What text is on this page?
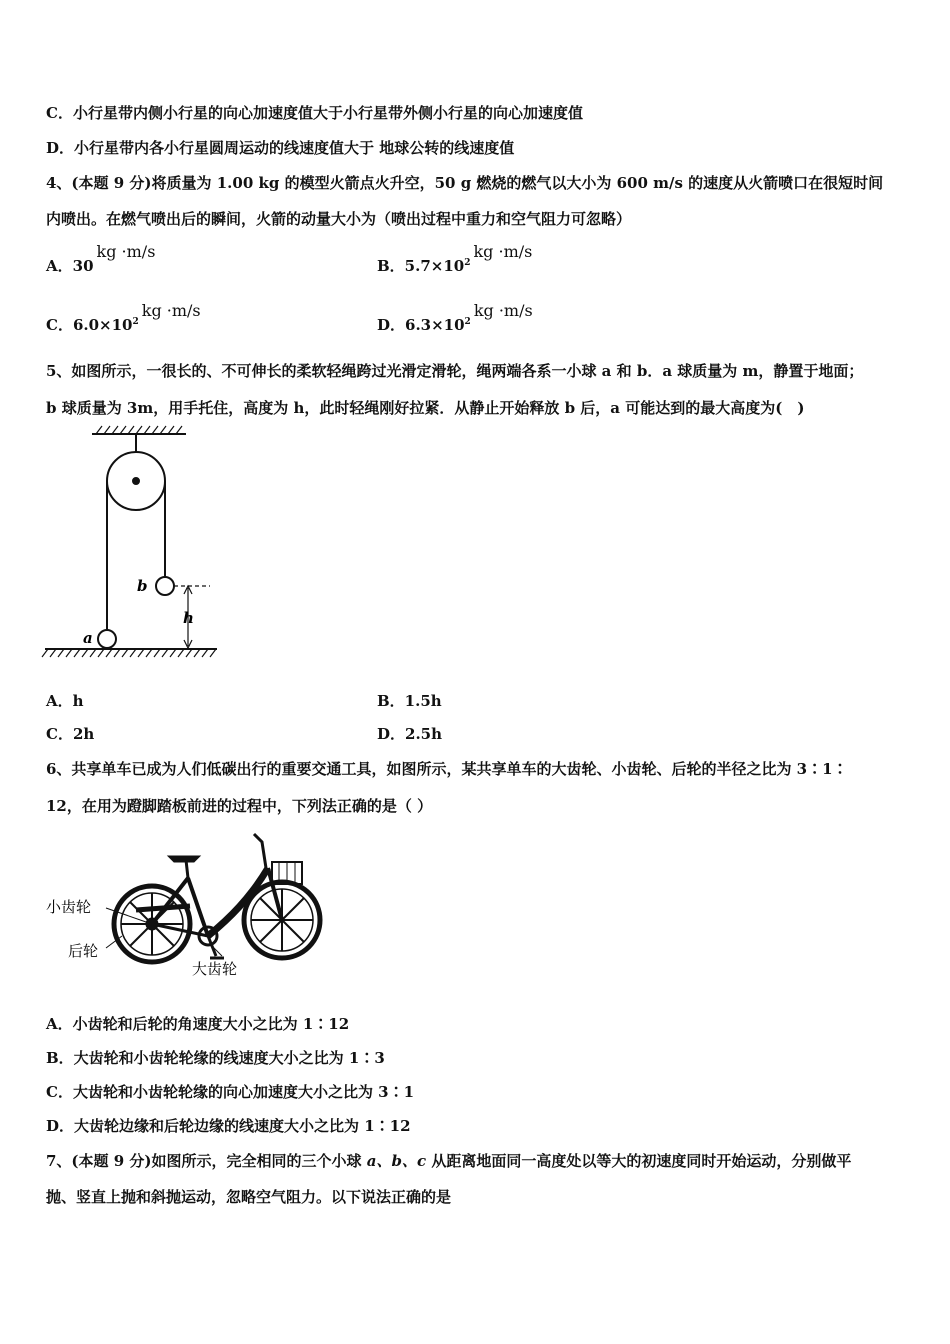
C．小行星带内侧小行星的向心加速度值大于小行星带外侧小行星的向心加速度值
D．小行星带内各小行星圆周运动的线速度值大于 地球公转的线速度值
4、(本题 9 分)将质量为 1.00 kg 的模型火箭点火升空，50 g 燃烧的燃气以大小为 600 m/s 的速度从火箭喷口在很短时间
内喷出。在燃气喷出后的瞬间，火箭的动量大小为（喷出过程中重力和空气阻力可忽略）
A．30kg ·m/s
B．$5.7\times 10^2kg \cdot m/s$
C．$6.0\times 10^2kg \cdot m/s$
D．$6.3\times 10^2kg \cdot m/s$
5、如图所示，一很长的、不可伸长的柔软轻绳跨过光滑定滑轮，绳两端各系一小球 a 和 b．a 球质量为 m，静置于地面；
b 球质量为 3m，用手托住，高度为 h，此时轻绳刚好拉紧．从静止开始释放 b 后，a 可能达到的最大高度为(　)
b
a
h
A．h	B．1.5h
C．2h	D．2.5h
6、共享单车已成为人们低碳出行的重要交通工具，如图所示，某共享单车的大齿轮、小齿轮、后轮的半径之比为 3∶1∶
12，在用为蹬脚踏板前进的过程中，下列法正确的是（ ）
小齿轮
后轮
大齿轮
A．小齿轮和后轮的角速度大小之比为 1∶12
B．大齿轮和小齿轮轮缘的线速度大小之比为 1∶3
C．大齿轮和小齿轮轮缘的向心加速度大小之比为 3∶1
D．大齿轮边缘和后轮边缘的线速度大小之比为 1∶12
7、(本题 9 分)如图所示，完全相同的三个小球 a、b、c 从距离地面同一高度处以等大的初速度同时开始运动，分别做平
抛、竖直上抛和斜抛运动，忽略空气阻力。以下说法正确的是
